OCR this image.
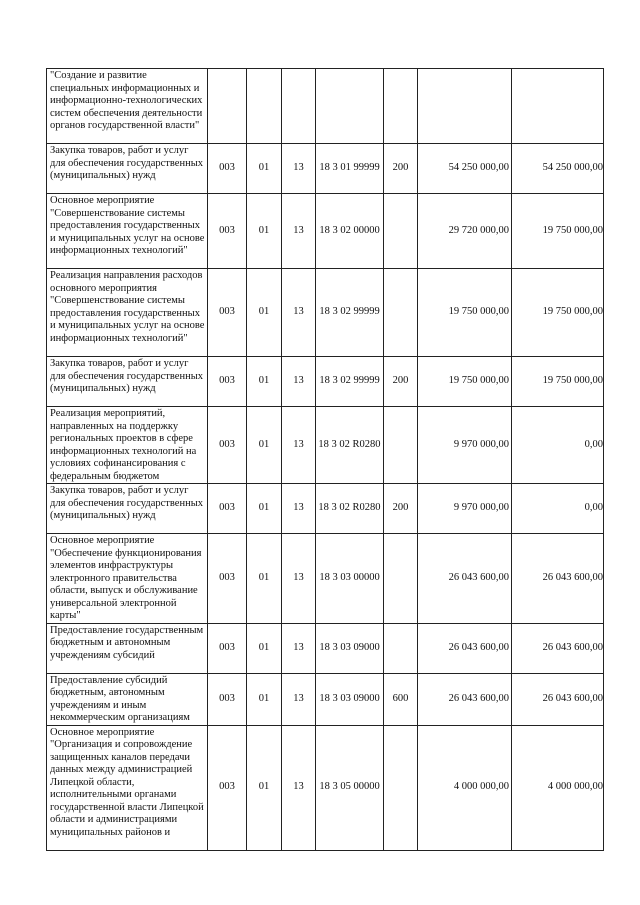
"Создание и развитие специальных информационных и информационно-технологических систем обеспечения деятельности органов государственной власти"							
Закупка товаров, работ и услуг для обеспечения государственных (муниципальных) нужд	003	01	13	18 3 01 99999	200	54 250 000,00	54 250 000,00
Основное мероприятие "Совершенствование системы предоставления государственных и муниципальных услуг на основе информационных технологий"	003	01	13	18 3 02 00000		29 720 000,00	19 750 000,00
Реализация направления расходов основного мероприятия "Совершенствование системы предоставления государственных и муниципальных услуг на основе информационных технологий"	003	01	13	18 3 02 99999		19 750 000,00	19 750 000,00
Закупка товаров, работ и услуг для обеспечения государственных (муниципальных) нужд	003	01	13	18 3 02 99999	200	19 750 000,00	19 750 000,00
Реализация мероприятий, направленных на поддержку региональных проектов в сфере информационных технологий на условиях софинансирования с федеральным бюджетом	003	01	13	18 3 02 R0280		9 970 000,00	0,00
Закупка товаров, работ и услуг для обеспечения государственных (муниципальных) нужд	003	01	13	18 3 02 R0280	200	9 970 000,00	0,00
Основное мероприятие "Обеспечение функционирования элементов инфраструктуры электронного правительства области, выпуск и обслуживание универсальной электронной карты"	003	01	13	18 3 03 00000		26 043 600,00	26 043 600,00
Предоставление государственным бюджетным и автономным учреждениям субсидий	003	01	13	18 3 03 09000		26 043 600,00	26 043 600,00
Предоставление субсидий бюджетным, автономным учреждениям и иным некоммерческим организациям	003	01	13	18 3 03 09000	600	26 043 600,00	26 043 600,00
Основное мероприятие "Организация и сопровождение защищенных каналов передачи данных между администрацией Липецкой области, исполнительными органами государственной власти Липецкой области и администрациями муниципальных районов и	003	01	13	18 3 05 00000		4 000 000,00	4 000 000,00
